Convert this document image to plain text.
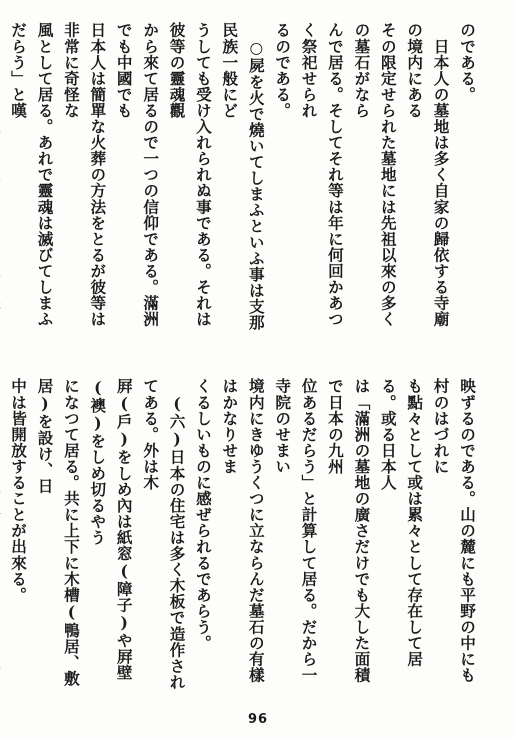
のである。
　日本人の墓地は多く自家の歸依する寺廟の境内にある
その限定せられた墓地には先祖以來の多くの墓石がなら
んで居る。そしてそれ等は年に何回かあつく祭祀せられ
るのである。
　○屍を火で燒いてしまふといふ事は支那民族一般にど
うしても受け入れられぬ事である。それは彼等の靈魂觀
から來て居るので一つの信仰である。滿洲でも中國でも
日本人は簡單な火葬の方法をとるが彼等は非常に奇怪な
風として居る。あれで靈魂は滅びてしまふだらう」と嘆

映ずるのである。山の麓にも平野の中にも村のはづれに
も點々として或は累々として存在して居る。或る日本人
は「滿洲の墓地の廣さだけでも大した面積で日本の九州
位あるだらう」と計算して居る。だから一寺院のせまい
境内にきゆうくつに立ならんだ墓石の有樣はかなりせま
くるしいものに感ぜられるであらう。
　(六)日本の住宅は多く木板で造作されてある。外は木
屛(戶)をしめ內は紙窓(障子)や屛壁(襖)をしめ切るやう
になつて居る。共に上下に木槽(鴨居、敷居)を設け、日
中は皆開放することが出來る。

96
